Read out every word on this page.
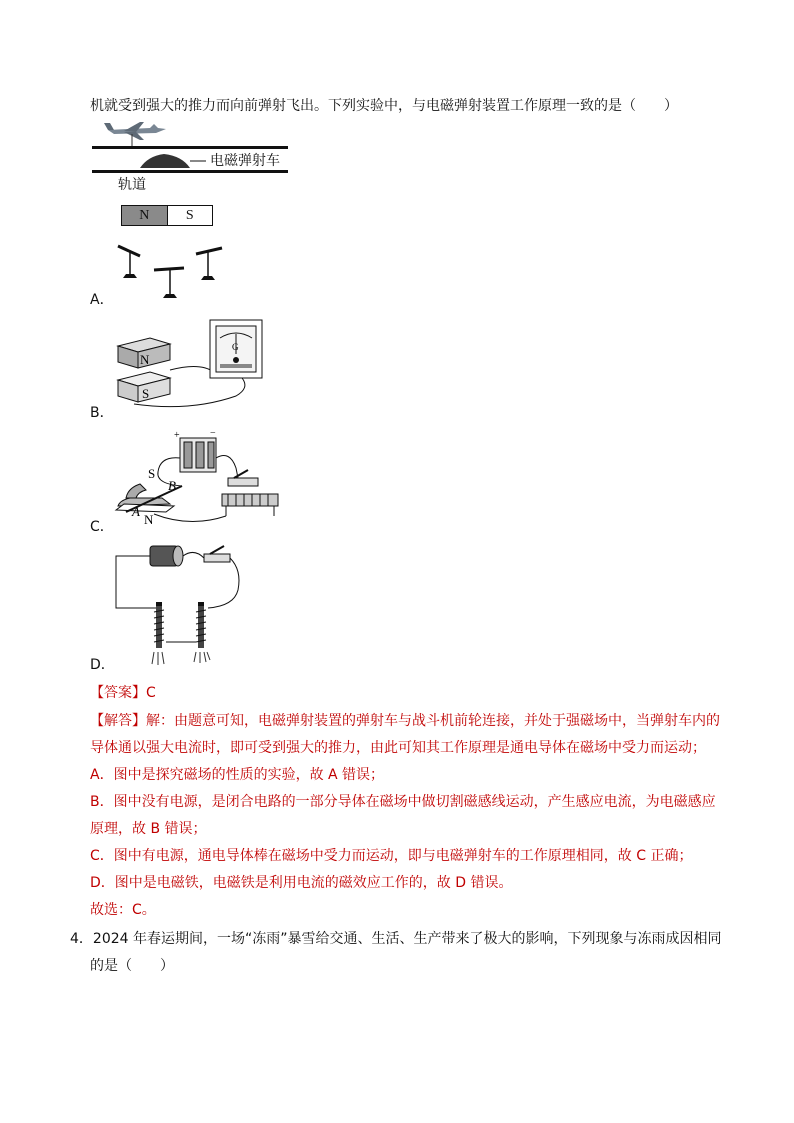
机就受到强大的推力而向前弹射飞出。下列实验中，与电磁弹射装置工作原理一致的是（　　）
电磁弹射车
轨道
N	S
A．
N
S
G
B．
+	−
S
B
A
N
C．
D．
【答案】C
【解答】解：由题意可知，电磁弹射装置的弹射车与战斗机前轮连接，并处于强磁场中，当弹射车内的
导体通以强大电流时，即可受到强大的推力，由此可知其工作原理是通电导体在磁场中受力而运动；
A．图中是探究磁场的性质的实验，故 A 错误；
B．图中没有电源，是闭合电路的一部分导体在磁场中做切割磁感线运动，产生感应电流，为电磁感应
原理，故 B 错误；
C．图中有电源，通电导体棒在磁场中受力而运动，即与电磁弹射车的工作原理相同，故 C 正确；
D．图中是电磁铁，电磁铁是利用电流的磁效应工作的，故 D 错误。
故选：C。
4．2024 年春运期间，一场“冻雨”暴雪给交通、生活、生产带来了极大的影响，下列现象与冻雨成因相同
的是（　　）
